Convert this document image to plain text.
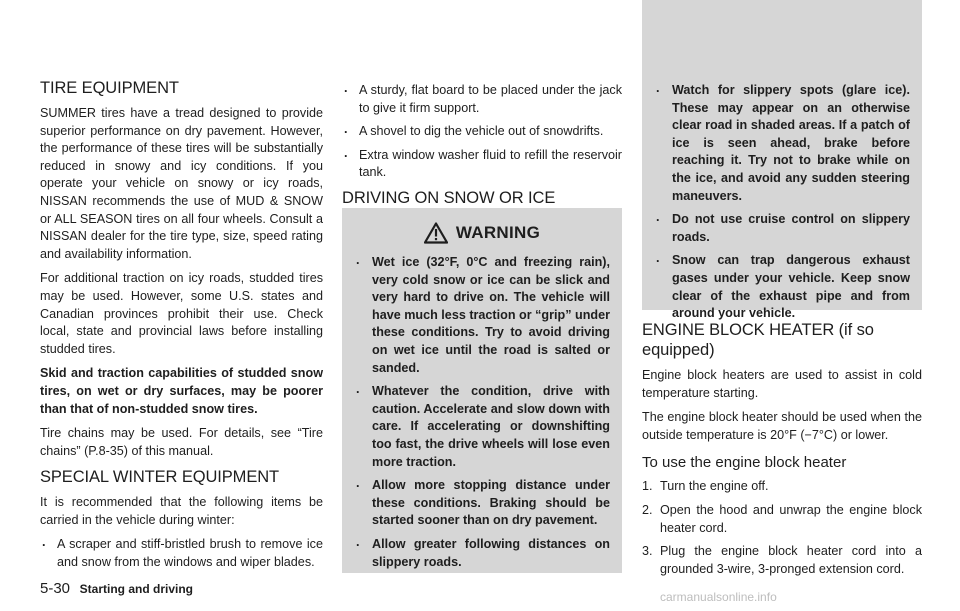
TIRE EQUIPMENT

SUMMER tires have a tread designed to provide superior performance on dry pavement. However, the performance of these tires will be substantially reduced in snowy and icy conditions. If you operate your vehicle on snowy or icy roads, NISSAN recommends the use of MUD & SNOW or ALL SEASON tires on all four wheels. Consult a NISSAN dealer for the tire type, size, speed rating and availability information.

For additional traction on icy roads, studded tires may be used. However, some U.S. states and Canadian provinces prohibit their use. Check local, state and provincial laws before installing studded tires.

Skid and traction capabilities of studded snow tires, on wet or dry surfaces, may be poorer than that of non-studded snow tires.

Tire chains may be used. For details, see “Tire chains” (P.8-35) of this manual.

SPECIAL WINTER EQUIPMENT

It is recommended that the following items be carried in the vehicle during winter:

. A scraper and stiff-bristled brush to remove ice and snow from the windows and wiper blades.
. A sturdy, flat board to be placed under the jack to give it firm support.
. A shovel to dig the vehicle out of snowdrifts.
. Extra window washer fluid to refill the reservoir tank.
DRIVING ON SNOW OR ICE
WARNING
. Wet ice (32°F, 0°C and freezing rain), very cold snow or ice can be slick and very hard to drive on. The vehicle will have much less traction or “grip” under these conditions. Try to avoid driving on wet ice until the road is salted or sanded.
. Whatever the condition, drive with caution. Accelerate and slow down with care. If accelerating or downshifting too fast, the drive wheels will lose even more traction.
. Allow more stopping distance under these conditions. Braking should be started sooner than on dry pavement.
. Allow greater following distances on slippery roads.
. Watch for slippery spots (glare ice). These may appear on an otherwise clear road in shaded areas. If a patch of ice is seen ahead, brake before reaching it. Try not to brake while on the ice, and avoid any sudden steering maneuvers.
. Do not use cruise control on slippery roads.
. Snow can trap dangerous exhaust gases under your vehicle. Keep snow clear of the exhaust pipe and from around your vehicle.
ENGINE BLOCK HEATER (if so equipped)

Engine block heaters are used to assist in cold temperature starting.

The engine block heater should be used when the outside temperature is 20°F (−7°C) or lower.

To use the engine block heater
1. Turn the engine off.
2. Open the hood and unwrap the engine block heater cord.
3. Plug the engine block heater cord into a grounded 3-wire, 3-pronged extension cord.
5-30 Starting and driving
carmanualsonline.info
